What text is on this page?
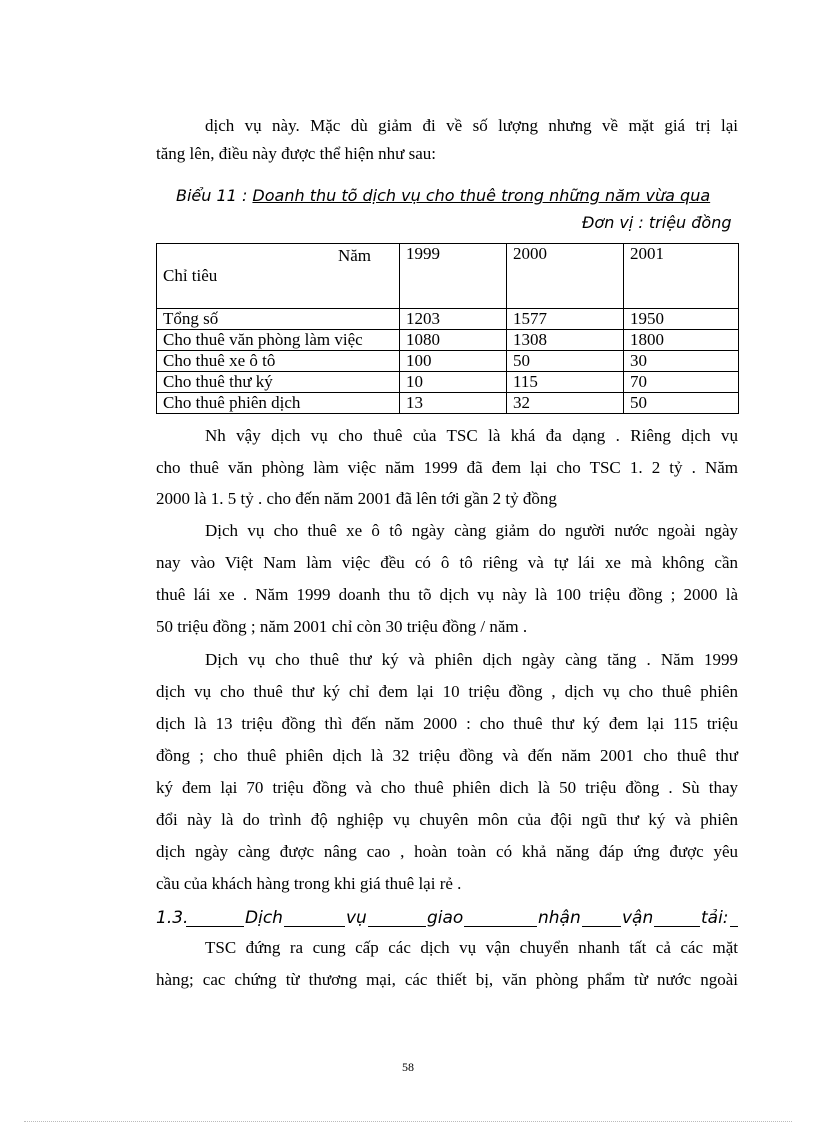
dịch vụ này. Mặc dù giảm đi về số lượng nhưng về mặt giá trị lại
tăng lên, điều này được thể hiện như sau:
Biểu 11 : Doanh thu tõ dịch vụ cho thuê trong những năm vừa qua
Đơn vị : triệu đồng
Năm
Chỉ tiêu	1999	2000	2001
Tổng số	1203	1577	1950
Cho thuê văn phòng làm việc	1080	1308	1800
Cho thuê xe ô tô	100	50	30
Cho thuê thư ký	10	115	70
Cho thuê phiên dịch	13	32	50
Nh vậy dịch vụ cho thuê của TSC là khá đa dạng . Riêng dịch vụ
cho thuê văn phòng làm việc năm 1999 đã đem lại cho TSC 1. 2 tỷ . Năm
2000 là 1. 5 tỷ . cho đến năm 2001 đã lên tới gần 2 tỷ đồng
Dịch vụ cho thuê xe ô tô ngày càng giảm do người nước ngoài ngày
nay vào Việt Nam làm việc đều có ô tô riêng và tự lái xe mà không cần
thuê lái xe . Năm 1999 doanh thu tõ dịch vụ này là 100 triệu đồng ; 2000 là
50 triệu đồng ; năm 2001 chỉ còn 30 triệu đồng / năm .
Dịch vụ cho thuê thư ký và phiên dịch ngày càng tăng . Năm 1999
dịch vụ cho thuê thư ký chỉ đem lại 10 triệu đồng , dịch vụ cho thuê phiên
dịch là 13 triệu đồng thì đến năm 2000 : cho thuê thư ký đem lại 115 triệu
đồng ; cho thuê phiên dịch là 32 triệu đồng và đến năm 2001 cho thuê thư
ký đem lại 70 triệu đồng và cho thuê phiên dich là 50 triệu đồng . Sù thay
đổi này là do trình độ nghiệp vụ chuyên môn của đội ngũ thư ký và phiên
dịch ngày càng được nâng cao , hoàn toàn có khả năng đáp ứng được yêu
cầu của khách hàng trong khi giá thuê lại rẻ .
1.3.	Dịch	vụ	giao	nhận vận	tải:
TSC đứng ra cung cấp các dịch vụ vận chuyển nhanh tất cả các mặt
hàng; cac chứng từ thương mại, các thiết bị, văn phòng phẩm từ nước ngoài
58
